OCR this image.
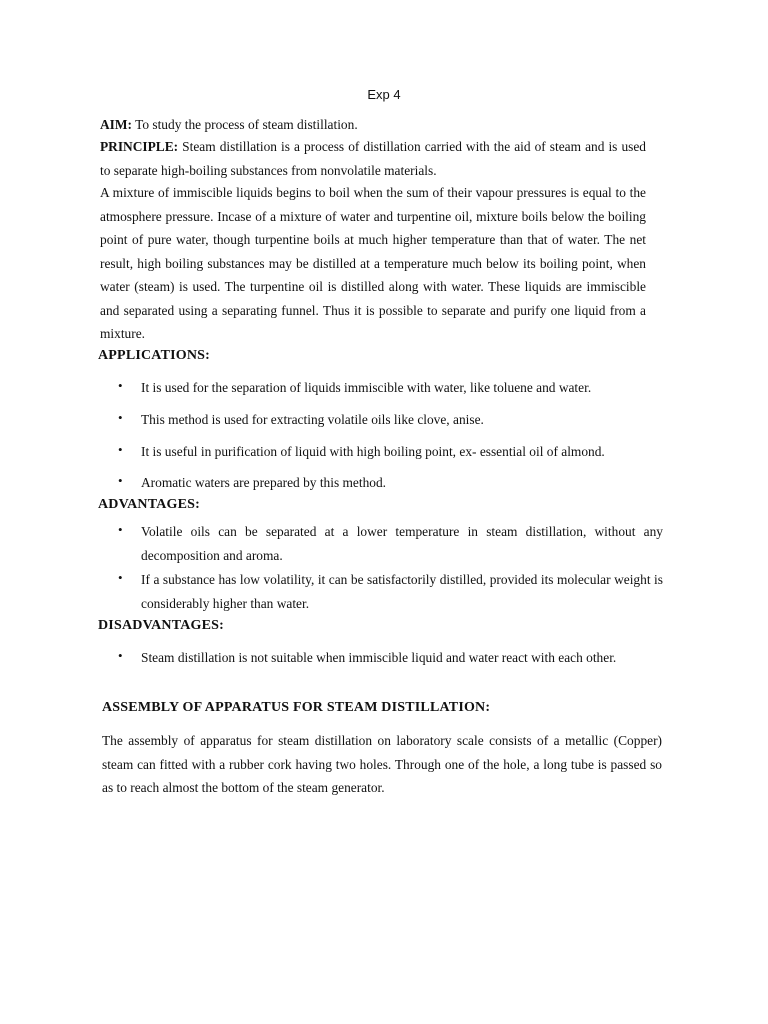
Exp 4

AIM: To study the process of steam distillation.

PRINCIPLE: Steam distillation is a process of distillation carried with the aid of steam and is used to separate high-boiling substances from nonvolatile materials.

A mixture of immiscible liquids begins to boil when the sum of their vapour pressures is equal to the atmosphere pressure. Incase of a mixture of water and turpentine oil, mixture boils below the boiling point of pure water, though turpentine boils at much higher temperature than that of water. The net result, high boiling substances may be distilled at a temperature much below its boiling point, when water (steam) is used. The turpentine oil is distilled along with water. These liquids are immiscible and separated using a separating funnel. Thus it is possible to separate and purify one liquid from a mixture.

APPLICATIONS:
• It is used for the separation of liquids immiscible with water, like toluene and water.

• This method is used for extracting volatile oils like clove, anise.

• It is useful in purification of liquid with high boiling point, ex- essential oil of almond.

• Aromatic waters are prepared by this method.

ADVANTAGES:
• Volatile oils can be separated at a lower temperature in steam distillation, without any decomposition and aroma.

• If a substance has low volatility, it can be satisfactorily distilled, provided its molecular weight is considerably higher than water.

DISADVANTAGES:
• Steam distillation is not suitable when immiscible liquid and water react with each other.

ASSEMBLY OF APPARATUS FOR STEAM DISTILLATION:

The assembly of apparatus for steam distillation on laboratory scale consists of a metallic (Copper) steam can fitted with a rubber cork having two holes. Through one of the hole, a long tube is passed so as to reach almost the bottom of the steam generator.
